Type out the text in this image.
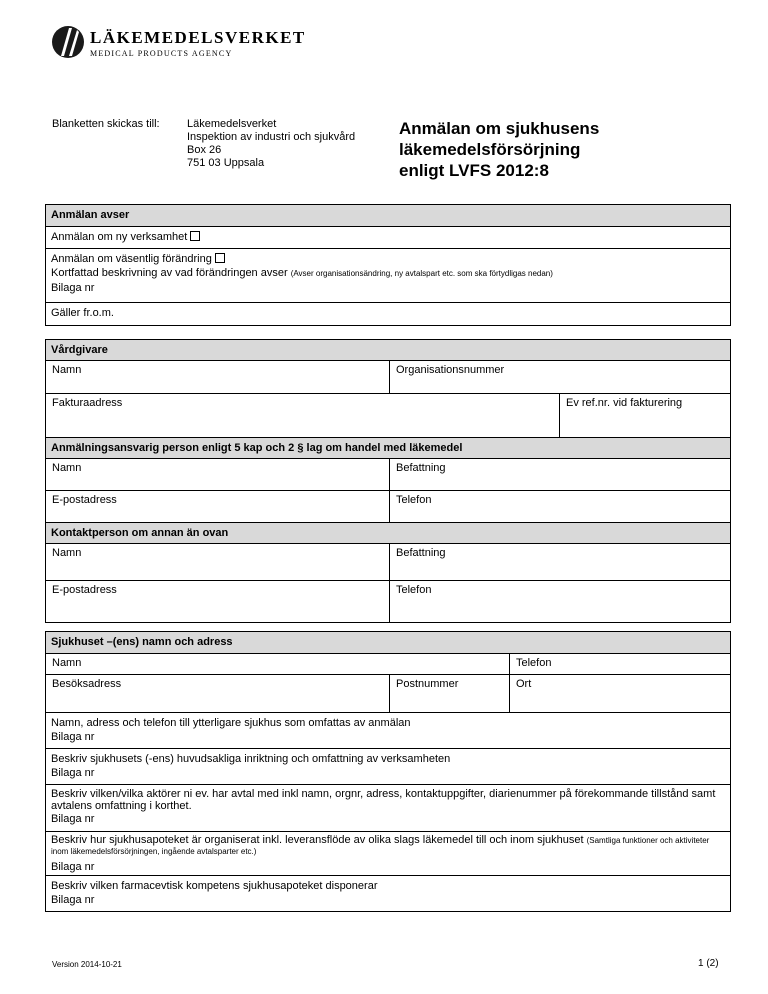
LÄKEMEDELSVERKET
MEDICAL PRODUCTS AGENCY
Blanketten skickas till: Läkemedelsverket
Inspektion av industri och sjukvård
Box 26
751 03 Uppsala
Anmälan om sjukhusens
läkemedelsförsörjning
enligt LVFS 2012:8
Anmälan avser
Anmälan om ny verksamhet
Anmälan om väsentlig förändring
Kortfattad beskrivning av vad förändringen avser (Avser organisationsändring, ny avtalspart etc. som ska förtydligas nedan)
Bilaga nr
Gäller fr.o.m.
Vårdgivare
Namn	Organisationsnummer
Fakturaadress	Ev ref.nr. vid fakturering
Anmälningsansvarig person enligt 5 kap och 2 § lag om handel med läkemedel
Namn	Befattning
E-postadress	Telefon
Kontaktperson om annan än ovan
Namn	Befattning
E-postadress	Telefon
Sjukhuset –(ens) namn och adress
Namn	Telefon
Besöksadress	Postnummer	Ort
Namn, adress och telefon till ytterligare sjukhus som omfattas av anmälan
Bilaga nr
Beskriv sjukhusets (-ens) huvudsakliga inriktning och omfattning av verksamheten
Bilaga nr
Beskriv vilken/vilka aktörer ni ev. har avtal med inkl namn, orgnr, adress, kontaktuppgifter, diarienummer på förekommande tillstånd samt avtalens omfattning i korthet.
Bilaga nr
Beskriv hur sjukhusapoteket är organiserat inkl. leveransflöde av olika slags läkemedel till och inom sjukhuset (Samtliga funktioner och aktiviteter inom läkemedelsförsörjningen, ingående avtalsparter etc.)
Bilaga nr
Beskriv vilken farmacevtisk kompetens sjukhusapoteket disponerar
Bilaga nr
Version 2014-10-21	1 (2)
